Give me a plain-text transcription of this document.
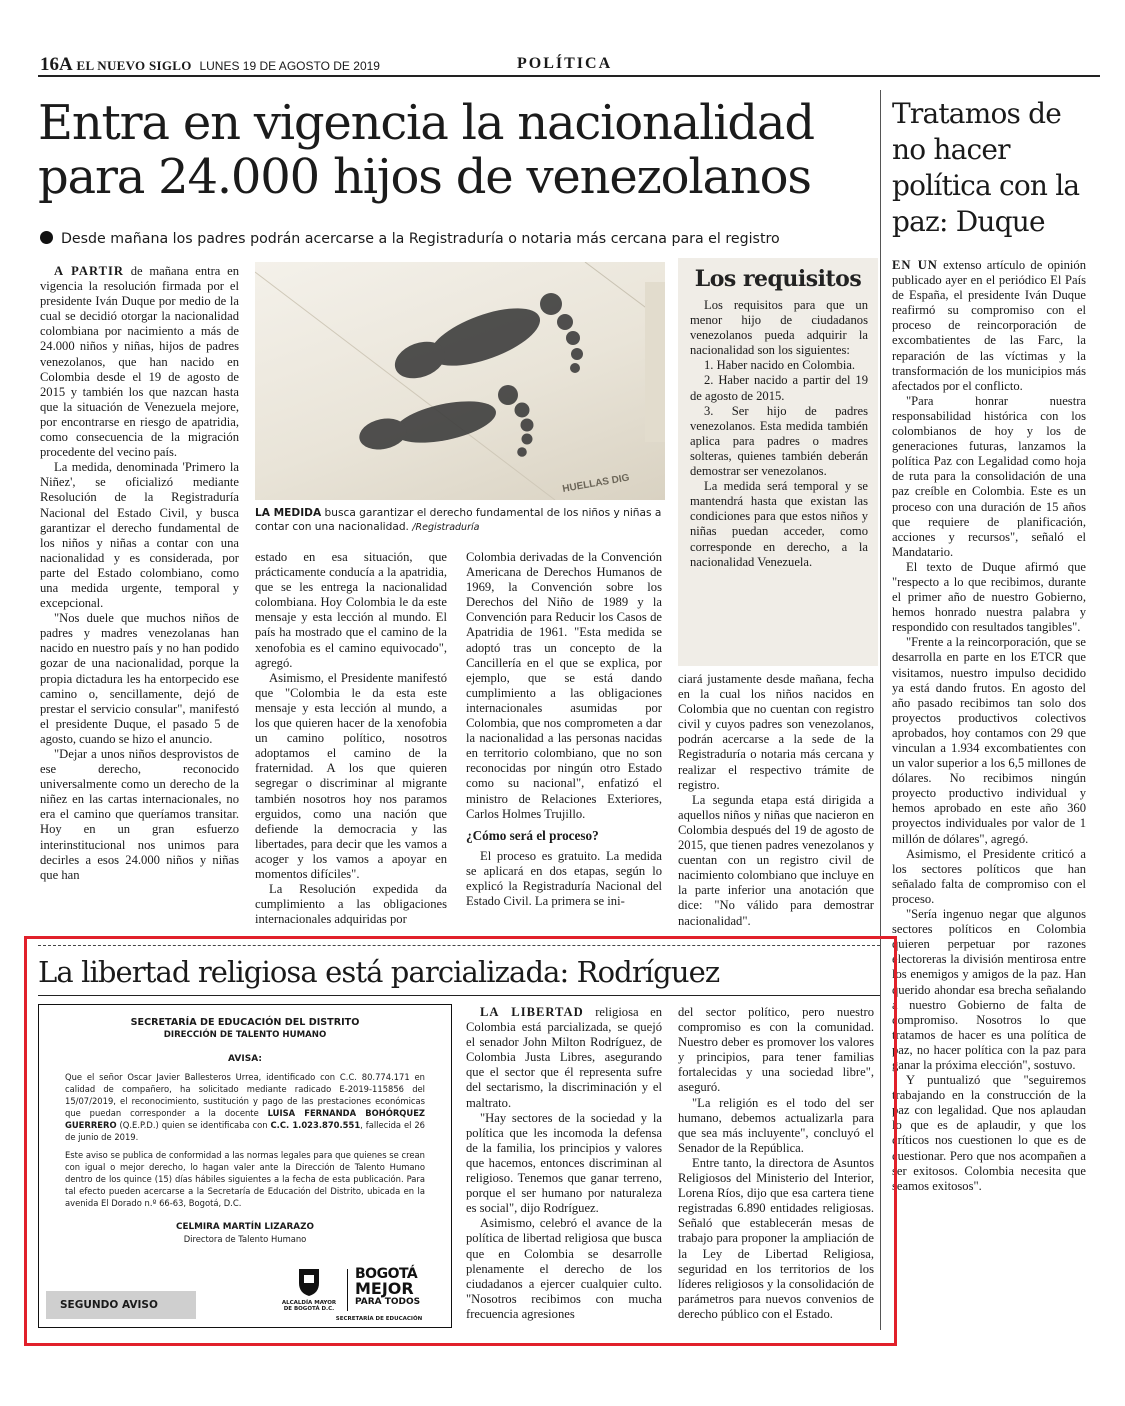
16A EL NUEVO SIGLO LUNES 19 DE AGOSTO DE 2019	POLÍTICA
Entra en vigencia la nacionalidad para 24.000 hijos de venezolanos
Desde mañana los padres podrán acercarse a la Registraduría o notaria más cercana para el registro

A PARTIR de mañana entra en vigencia la resolución firmada por el presidente Iván Duque por medio de la cual se decidió otorgar la nacionalidad colombiana por nacimiento a más de 24.000 niños y niñas, hijos de padres venezolanos, que han nacido en Colombia desde el 19 de agosto de 2015 y también los que nazcan hasta que la situación de Venezuela mejore, por encontrarse en riesgo de apatridia, como consecuencia de la migración procedente del vecino país.

La medida, denominada 'Primero la Niñez', se oficializó mediante Resolución de la Registraduría Nacional del Estado Civil, y busca garantizar el derecho fundamental de los niños y niñas a contar con una nacionalidad y es considerada, por parte del Estado colombiano, como una medida urgente, temporal y excepcional.

"Nos duele que muchos niños de padres y madres venezolanas han nacido en nuestro país y no han podido gozar de una nacionalidad, porque la propia dictadura les ha entorpecido ese camino o, sencillamente, dejó de prestar el servicio consular", manifestó el presidente Duque, el pasado 5 de agosto, cuando se hizo el anuncio.

"Dejar a unos niños desprovistos de ese derecho, reconocido universalmente como un derecho de la niñez en las cartas internacionales, no era el camino que queríamos transitar. Hoy en un gran esfuerzo interinstitucional nos unimos para decirles a esos 24.000 niños y niñas que han

HUELLAS DIG
LA MEDIDA busca garantizar el derecho fundamental de los niños y niñas a contar con una nacionalidad. /Registraduría

estado en esa situación, que prácticamente conducía a la apatridia, que se les entrega la nacionalidad colombiana. Hoy Colombia le da este mensaje y esta lección al mundo. El país ha mostrado que el camino de la xenofobia es el camino equivocado", agregó.

Asimismo, el Presidente manifestó que "Colombia le da esta este mensaje y esta lección al mundo, a los que quieren hacer de la xenofobia un camino político, nosotros adoptamos el camino de la fraternidad. A los que quieren segregar o discriminar al migrante también nosotros hoy nos paramos erguidos, como una nación que defiende la democracia y las libertades, para decir que les vamos a acoger y los vamos a apoyar en momentos difíciles".

La Resolución expedida da cumplimiento a las obligaciones internacionales adquiridas por

Colombia derivadas de la Convención Americana de Derechos Humanos de 1969, la Convención sobre los Derechos del Niño de 1989 y la Convención para Reducir los Casos de Apatridia de 1961. "Esta medida se adoptó tras un concepto de la Cancillería en el que se explica, por ejemplo, que se está dando cumplimiento a las obligaciones internacionales asumidas por Colombia, que nos comprometen a dar la nacionalidad a las personas nacidas en territorio colombiano, que no son reconocidas por ningún otro Estado como su nacional", enfatizó el ministro de Relaciones Exteriores, Carlos Holmes Trujillo.

¿Cómo será el proceso?

El proceso es gratuito. La medida se aplicará en dos etapas, según lo explicó la Registraduría Nacional del Estado Civil. La primera se ini-

Los requisitos

Los requisitos para que un menor hijo de ciudadanos venezolanos pueda adquirir la nacionalidad son los siguientes:

1. Haber nacido en Colombia.

2. Haber nacido a partir del 19 de agosto de 2015.

3. Ser hijo de padres venezolanos. Esta medida también aplica para padres o madres solteras, quienes también deberán demostrar ser venezolanos.

La medida será temporal y se mantendrá hasta que existan las condiciones para que estos niños y niñas puedan acceder, como corresponde en derecho, a la nacionalidad Venezuela.

ciará justamente desde mañana, fecha en la cual los niños nacidos en Colombia que no cuentan con registro civil y cuyos padres son venezolanos, podrán acercarse a la sede de la Registraduría o notaria más cercana y realizar el respectivo trámite de registro.

La segunda etapa está dirigida a aquellos niños y niñas que nacieron en Colombia después del 19 de agosto de 2015, que tienen padres venezolanos y cuentan con un registro civil de nacimiento colombiano que incluye en la parte inferior una anotación que dice: "No válido para demostrar nacionalidad".

Tratamos de no hacer política con la paz: Duque

EN UN extenso artículo de opinión publicado ayer en el periódico El País de España, el presidente Iván Duque reafirmó su compromiso con el proceso de reincorporación de excombatientes de las Farc, la reparación de las víctimas y la transformación de los municipios más afectados por el conflicto.

"Para honrar nuestra responsabilidad histórica con los colombianos de hoy y los de generaciones futuras, lanzamos la política Paz con Legalidad como hoja de ruta para la consolidación de una paz creíble en Colombia. Este es un proceso con una duración de 15 años que requiere de planificación, acciones y recursos", señaló el Mandatario.

El texto de Duque afirmó que "respecto a lo que recibimos, durante el primer año de nuestro Gobierno, hemos honrado nuestra palabra y respondido con resultados tangibles".

"Frente a la reincorporación, que se desarrolla en parte en los ETCR que visitamos, nuestro impulso decidido ya está dando frutos. En agosto del año pasado recibimos tan solo dos proyectos productivos colectivos aprobados, hoy contamos con 29 que vinculan a 1.934 excombatientes con un valor superior a los 6,5 millones de dólares. No recibimos ningún proyecto productivo individual y hemos aprobado en este año 360 proyectos individuales por valor de 1 millón de dólares", agregó.

Asimismo, el Presidente criticó a los sectores políticos que han señalado falta de compromiso con el proceso.

"Sería ingenuo negar que algunos sectores políticos en Colombia quieren perpetuar por razones electoreras la división mentirosa entre los enemigos y amigos de la paz. Han querido ahondar esa brecha señalando a nuestro Gobierno de falta de compromiso. Nosotros lo que tratamos de hacer es una política de paz, no hacer política con la paz para ganar la próxima elección", sostuvo.

Y puntualizó que "seguiremos trabajando en la construcción de la paz con legalidad. Que nos aplaudan lo que es de aplaudir, y que los críticos nos cuestionen lo que es de cuestionar. Pero que nos acompañen a ser exitosos. Colombia necesita que seamos exitosos".

La libertad religiosa está parcializada: Rodríguez

LA LIBERTAD religiosa en Colombia está parcializada, se quejó el senador John Milton Rodríguez, de Colombia Justa Libres, asegurando que el sector que él representa sufre del sectarismo, la discriminación y el maltrato.

"Hay sectores de la sociedad y la política que les incomoda la defensa de la familia, los principios y valores que hacemos, entonces discriminan al religioso. Tenemos que ganar terreno, porque el ser humano por naturaleza es social", dijo Rodríguez.

Asimismo, celebró el avance de la política de libertad religiosa que busca que en Colombia se desarrolle plenamente el derecho de los ciudadanos a ejercer cualquier culto. "Nosotros recibimos con mucha frecuencia agresiones

del sector político, pero nuestro compromiso es con la comunidad. Nuestro deber es promover los valores y principios, para tener familias fortalecidas y una sociedad libre", aseguró.

"La religión es el todo del ser humano, debemos actualizarla para que sea más incluyente", concluyó el Senador de la República.

Entre tanto, la directora de Asuntos Religiosos del Ministerio del Interior, Lorena Ríos, dijo que esa cartera tiene registradas 6.890 entidades religiosas. Señaló que establecerán mesas de trabajo para proponer la ampliación de la Ley de Libertad Religiosa, seguridad en los territorios de los líderes religiosos y la consolidación de parámetros para nuevos convenios de derecho público con el Estado.

SECRETARÍA DE EDUCACIÓN DEL DISTRITO
DIRECCIÓN DE TALENTO HUMANO
AVISA:

Que el señor Oscar Javier Ballesteros Urrea, identificado con C.C. 80.774.171 en calidad de compañero, ha solicitado mediante radicado E-2019-115856 del 15/07/2019, el reconocimiento, sustitución y pago de las prestaciones económicas que puedan corresponder a la docente LUISA FERNANDA BOHÓRQUEZ GUERRERO (Q.E.P.D.) quien se identificaba con C.C. 1.023.870.551, fallecida el 26 de junio de 2019.

Este aviso se publica de conformidad a las normas legales para que quienes se crean con igual o mejor derecho, lo hagan valer ante la Dirección de Talento Humano dentro de los quince (15) días hábiles siguientes a la fecha de esta publicación. Para tal efecto pueden acercarse a la Secretaría de Educación del Distrito, ubicada en la avenida El Dorado n.º 66-63, Bogotá, D.C.

CELMIRA MARTÍN LIZARAZO
Directora de Talento Humano
SEGUNDO AVISO	ALCALDÍA MAYOR
DE BOGOTÁ D.C.
BOGOTÁ
MEJOR
PARA TODOS
SECRETARÍA DE EDUCACIÓN
